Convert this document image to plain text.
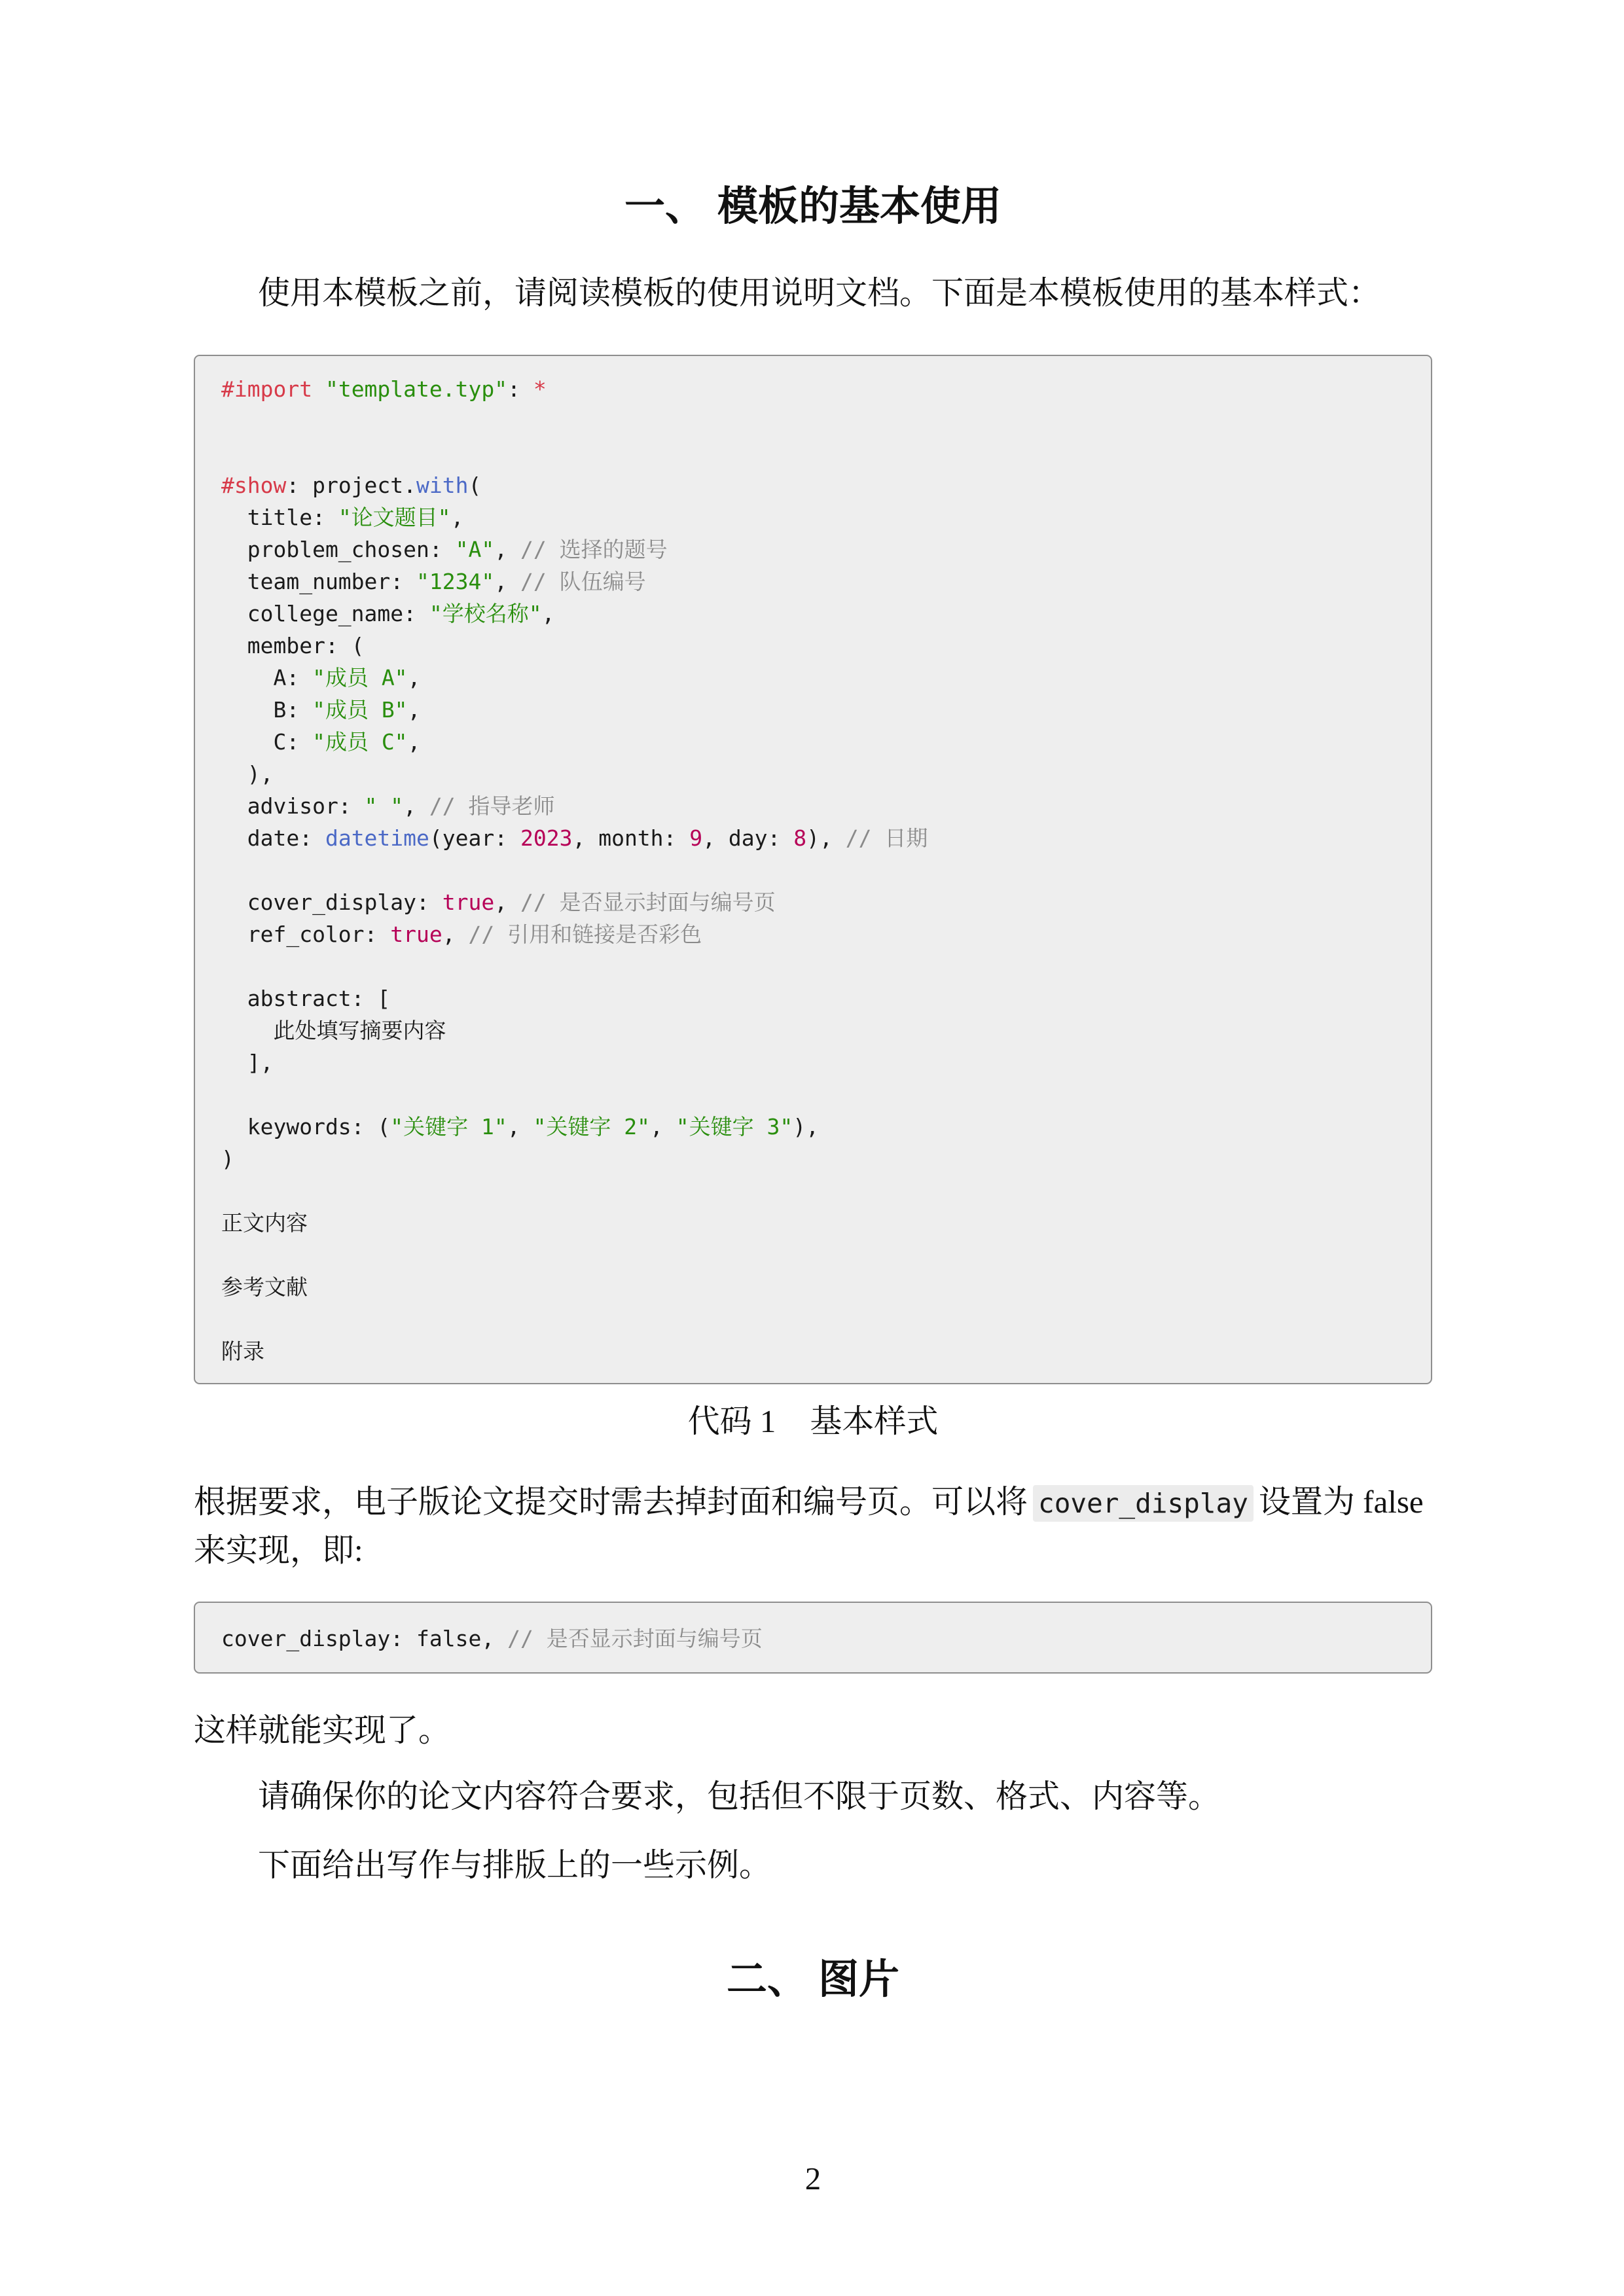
一、 模板的基本使用

使用本模板之前，请阅读模板的使用说明文档。下面是本模板使用的基本样式：

#import "template.typ": *
#show: project.with(
title: "论文题目",
problem_chosen: "A", // 选择的题号
team_number: "1234", // 队伍编号
college_name: "学校名称",
member: (
A: "成员 A",
B: "成员 B",
C: "成员 C",
),
advisor: " ", // 指导老师
date: datetime(year: 2023, month: 9, day: 8), // 日期
cover_display: true, // 是否显示封面与编号页
ref_color: true, // 引用和链接是否彩色
abstract: [
此处填写摘要内容
],
keywords: ("关键字 1", "关键字 2", "关键字 3"),
)
正文内容
参考文献
附录
代码 1 基本样式
根据要求，电子版论文提交时需去掉封面和编号页。可以将 cover_display 设置为 false
来实现，即:
cover_display: false, // 是否显示封面与编号页

这样就能实现了。

请确保你的论文内容符合要求，包括但不限于页数、格式、内容等。

下面给出写作与排版上的一些示例。

二、 图片
2
